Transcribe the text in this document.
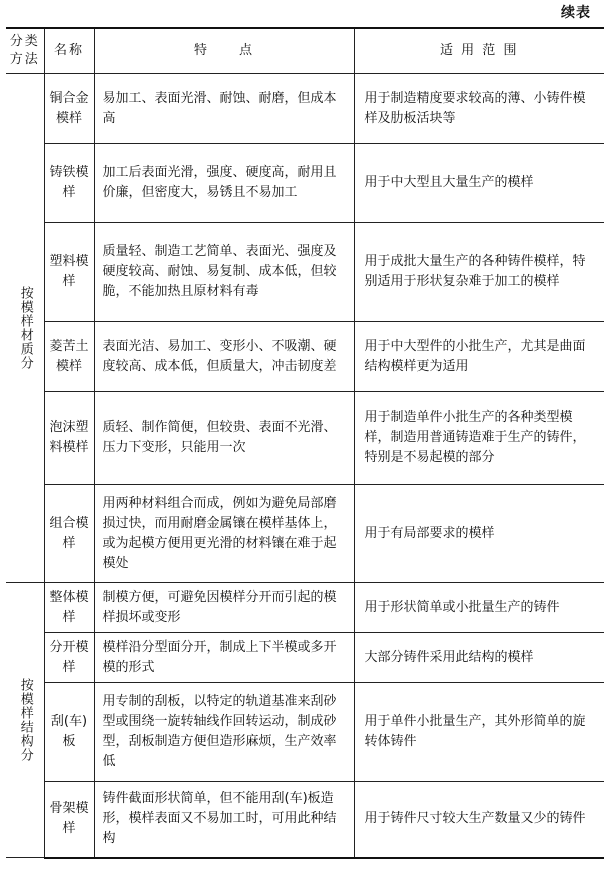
续表
分类
方法	名称	特　　点	适 用 范 围

按模样材质分	铜合金模样	易加工、表面光滑、耐蚀、耐磨，但成本高	用于制造精度要求较高的薄、小铸件模样及肋板活块等
	铸铁模样	加工后表面光滑，强度、硬度高，耐用且价廉，但密度大，易锈且不易加工	用于中大型且大量生产的模样
	塑料模样	质量轻、制造工艺简单、表面光、强度及硬度较高、耐蚀、易复制、成本低，但较脆，不能加热且原材料有毒	用于成批大量生产的各种铸件模样，特别适用于形状复杂难于加工的模样
	菱苦土模样	表面光洁、易加工、变形小、不吸潮、硬度较高、成本低，但质量大，冲击韧度差	用于中大型件的小批生产，尤其是曲面结构模样更为适用
	泡沫塑料模样	质轻、制作简便，但较贵、表面不光滑、压力下变形，只能用一次	用于制造单件小批生产的各种类型模样，制造用普通铸造难于生产的铸件，特别是不易起模的部分
	组合模样	用两种材料组合而成，例如为避免局部磨损过快，而用耐磨金属镶在模样基体上，或为起模方便用更光滑的材料镶在难于起模处	用于有局部要求的模样

按模样结构分	整体模样	制模方便，可避免因模样分开而引起的模样损坏或变形	用于形状简单或小批量生产的铸件
	分开模样	模样沿分型面分开，制成上下半模或多开模的形式	大部分铸件采用此结构的模样
	刮(车)板	用专制的刮板，以特定的轨道基准来刮砂型或围绕一旋转轴线作回转运动，制成砂型，刮板制造方便但造形麻烦，生产效率低	用于单件小批量生产，其外形简单的旋转体铸件
	骨架模样	铸件截面形状简单，但不能用刮(车)板造形，模样表面又不易加工时，可用此种结构	用于铸件尺寸较大生产数量又少的铸件
